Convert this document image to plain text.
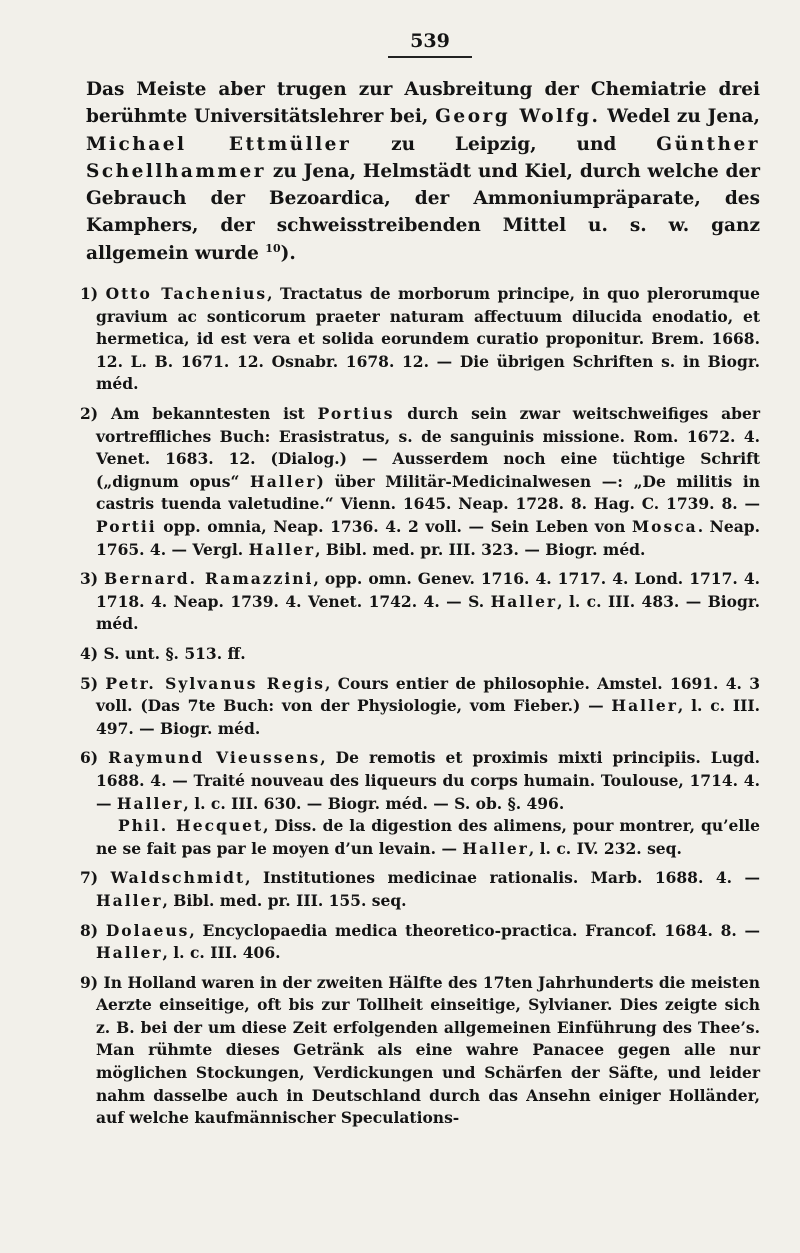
539

Das Meiste aber trugen zur Ausbreitung der Chemiatrie drei berühmte Universitätslehrer bei, Georg Wolfg. Wedel zu Jena, Michael Ettmüller zu Leipzig, und Günther Schellhammer zu Jena, Helmstädt und Kiel, durch welche der Gebrauch der Bezoardica, der Ammoniumpräparate, des Kamphers, der schweisstreibenden Mittel u. s. w. ganz allgemein wurde $^{10}$).

1) Otto Tachenius, Tractatus de morborum principe, in quo plerorumque gravium ac sonticorum praeter naturam affectuum dilucida enodatio, et hermetica, id est vera et solida eorundem curatio proponitur. Brem. 1668. 12. L. B. 1671. 12. Osnabr. 1678. 12. — Die übrigen Schriften s. in Biogr. méd.

2) Am bekanntesten ist Portius durch sein zwar weitschweifiges aber vortreffliches Buch: Erasistratus, s. de sanguinis missione. Rom. 1672. 4. Venet. 1683. 12. (Dialog.) — Ausserdem noch eine tüchtige Schrift („dignum opus“ Haller) über Militär-Medicinalwesen —: „De militis in castris tuenda valetudine.“ Vienn. 1645. Neap. 1728. 8. Hag. C. 1739. 8. — Portii opp. omnia, Neap. 1736. 4. 2 voll. — Sein Leben von Mosca. Neap. 1765. 4. — Vergl. Haller, Bibl. med. pr. III. 323. — Biogr. méd.

3) Bernard. Ramazzini, opp. omn. Genev. 1716. 4. 1717. 4. Lond. 1717. 4. 1718. 4. Neap. 1739. 4. Venet. 1742. 4. — S. Haller, l. c. III. 483. — Biogr. méd.

4) S. unt. §. 513. ff.

5) Petr. Sylvanus Regis, Cours entier de philosophie. Amstel. 1691. 4. 3 voll. (Das 7te Buch: von der Physiologie, vom Fieber.) — Haller, l. c. III. 497. — Biogr. méd.

6) Raymund Vieussens, De remotis et proximis mixti principiis. Lugd. 1688. 4. — Traité nouveau des liqueurs du corps humain. Toulouse, 1714. 4. — Haller, l. c. III. 630. — Biogr. méd. — S. ob. §. 496.

Phil. Hecquet, Diss. de la digestion des alimens, pour montrer, qu’elle ne se fait pas par le moyen d’un levain. — Haller, l. c. IV. 232. seq.

7) Waldschmidt, Institutiones medicinae rationalis. Marb. 1688. 4. — Haller, Bibl. med. pr. III. 155. seq.

8) Dolaeus, Encyclopaedia medica theoretico-practica. Francof. 1684. 8. — Haller, l. c. III. 406.

9) In Holland waren in der zweiten Hälfte des 17ten Jahrhunderts die meisten Aerzte einseitige, oft bis zur Tollheit einseitige, Sylvianer. Dies zeigte sich z. B. bei der um diese Zeit erfolgenden allgemeinen Einführung des Thee’s. Man rühmte dieses Getränk als eine wahre Panacee gegen alle nur möglichen Stockungen, Verdickungen und Schärfen der Säfte, und leider nahm dasselbe auch in Deutschland durch das Ansehn einiger Holländer, auf welche kaufmännischer Speculations-
